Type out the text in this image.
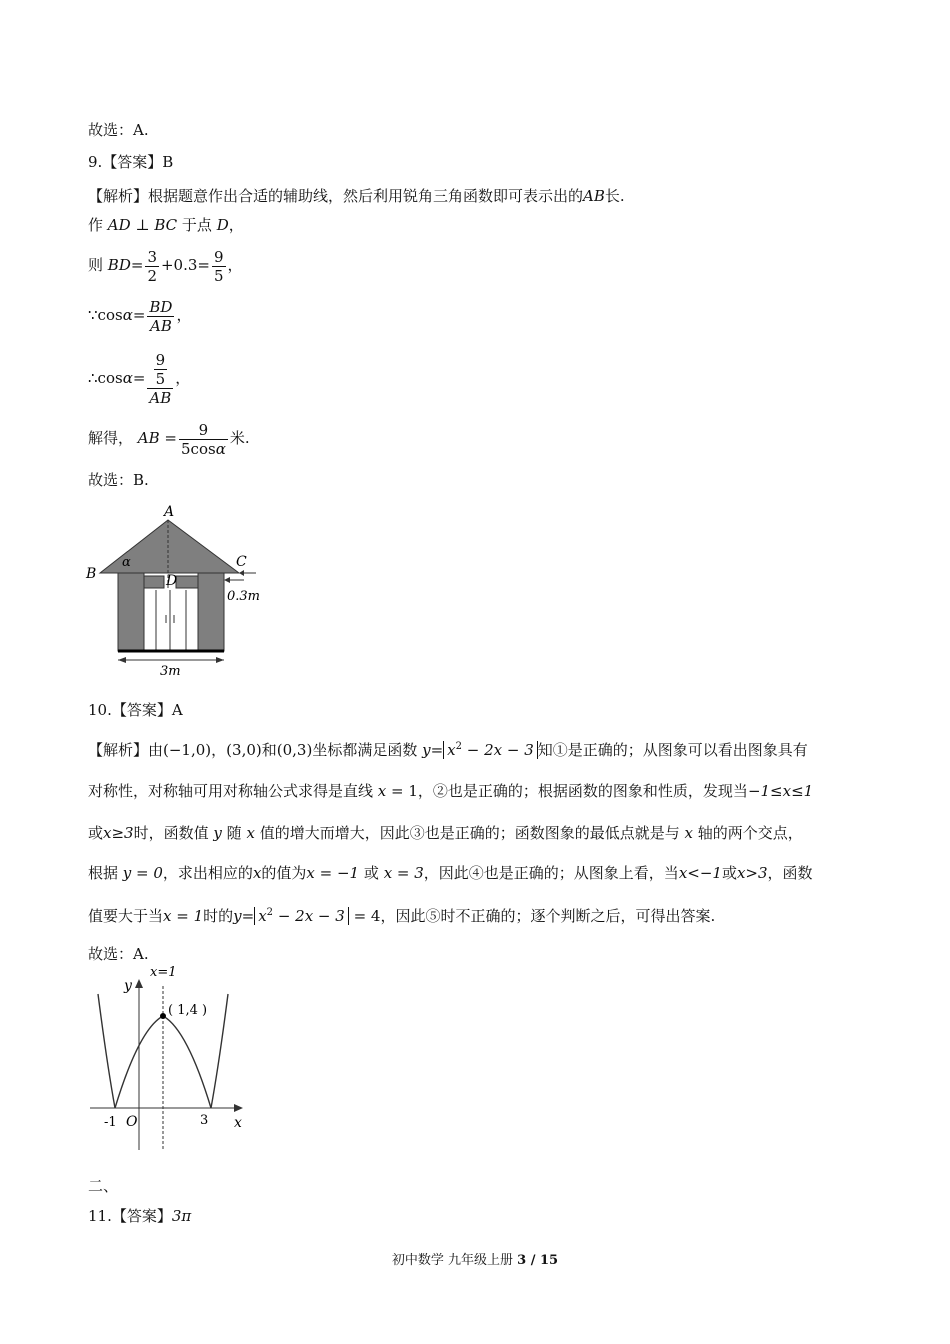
故选：A.
9.【答案】B
【解析】根据题意作出合适的辅助线，然后利用锐角三角函数即可表示出的AB长.
作 AD ⊥ BC 于点 D，
则 $BD= \frac{3}{2} +0.3= \frac{9}{5}$ ，
∵cosα= $\frac{BD}{AB}$ ，
∴cosα= $\frac{\frac{9}{5}}{AB}$ ，
解得， AB = $\frac{9}{5\cos\alpha}$ 米.
故选：B.
A
B
C
D
α
0.3m
3m
10.【答案】A
【解析】由(−1,0)，(3,0)和(0,3)坐标都满足函数 $y= x^2 - 2x - 3$ 知①是正确的；从图象可以看出图象具有
对称性，对称轴可用对称轴公式求得是直线 x = 1，②也是正确的；根据函数的图象和性质，发现当−1≤x≤1
或x≥3时，函数值 y 随 x 值的增大而增大，因此③也是正确的；函数图象的最低点就是与 x 轴的两个交点，
根据 y = 0，求出相应的x的值为x = −1 或 x = 3，因此④也是正确的；从图象上看，当x<−1或x>3，函数
值要大于当x = 1时的$y= x^2 - 2x - 3 = 4$，因此⑤时不正确的；逐个判断之后，可得出答案.
故选：A.
x=1
y
x
( 1,4 )
-1 O	3
二、
11.【答案】3π
初中数学 九年级上册 3 / 15
